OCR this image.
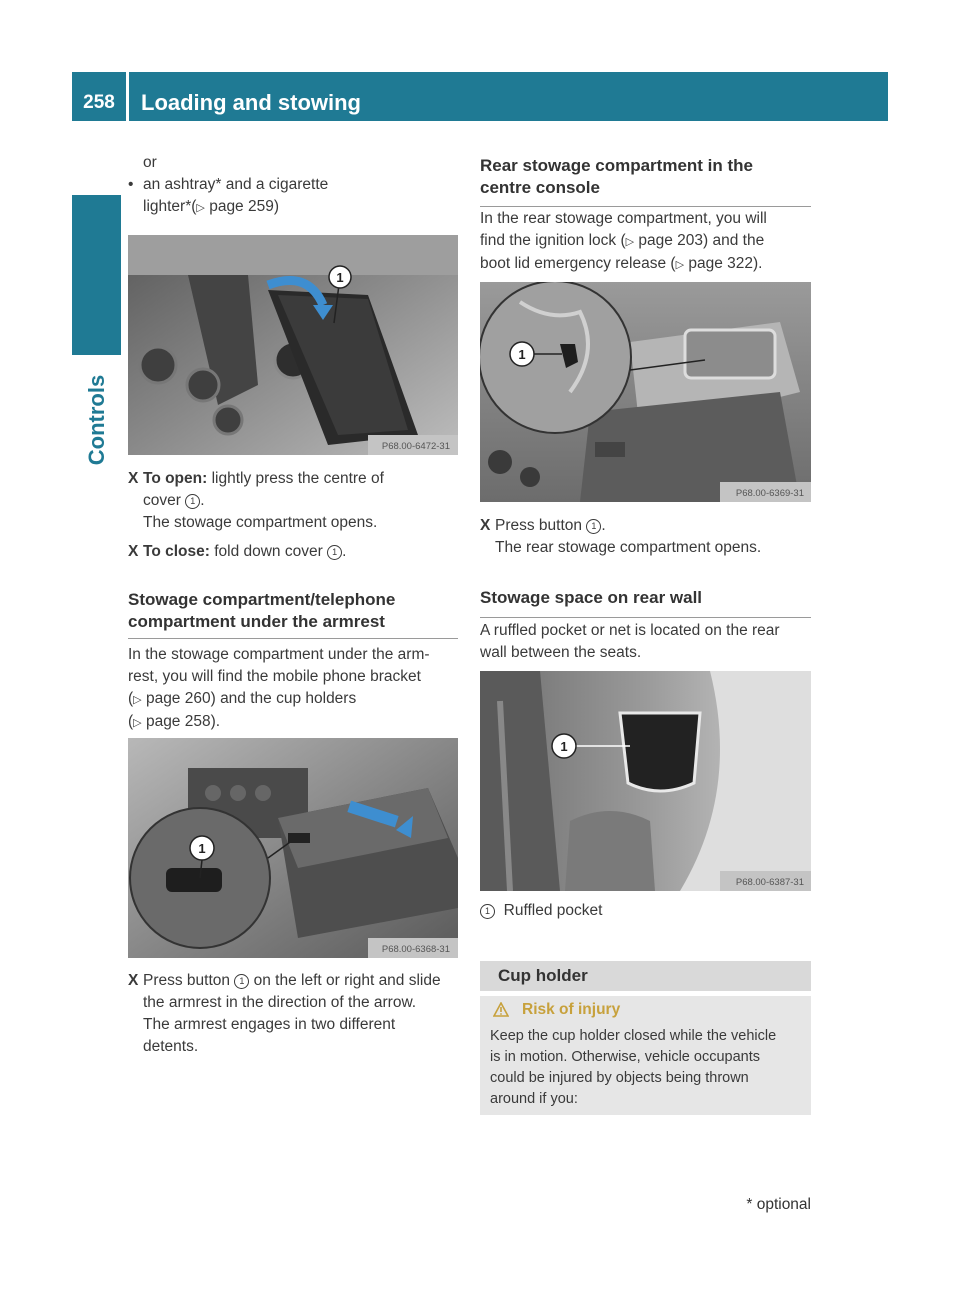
258	Loading and stowing
Controls

or

• an ashtray* and a cigarette

lighter*(▷ page 259)

1
P68.00-6472-31

X To open: lightly press the centre of

cover 1 .

The stowage compartment opens.

X To close: fold down cover 1 .

Stowage compartment/telephone

compartment under the armrest

In the stowage compartment under the arm-

rest, you will find the mobile phone bracket

(▷ page 260) and the cup holders

(▷ page 258).

1
P68.00-6368-31

X Press button 1 on the left or right and slide

the armrest in the direction of the arrow.

The armrest engages in two different

detents.

Rear stowage compartment in the

centre console

In the rear stowage compartment, you will

find the ignition lock (▷ page 203) and the

boot lid emergency release (▷ page 322).

1
P68.00-6369-31

X Press button 1 .

The rear stowage compartment opens.

Stowage space on rear wall

A ruffled pocket or net is located on the rear

wall between the seats.

1
P68.00-6387-31

1 Ruffled pocket

Cup holder
Risk of injury
Keep the cup holder closed while the vehicle
is in motion. Otherwise, vehicle occupants
could be injured by objects being thrown
around if you:
* optional
